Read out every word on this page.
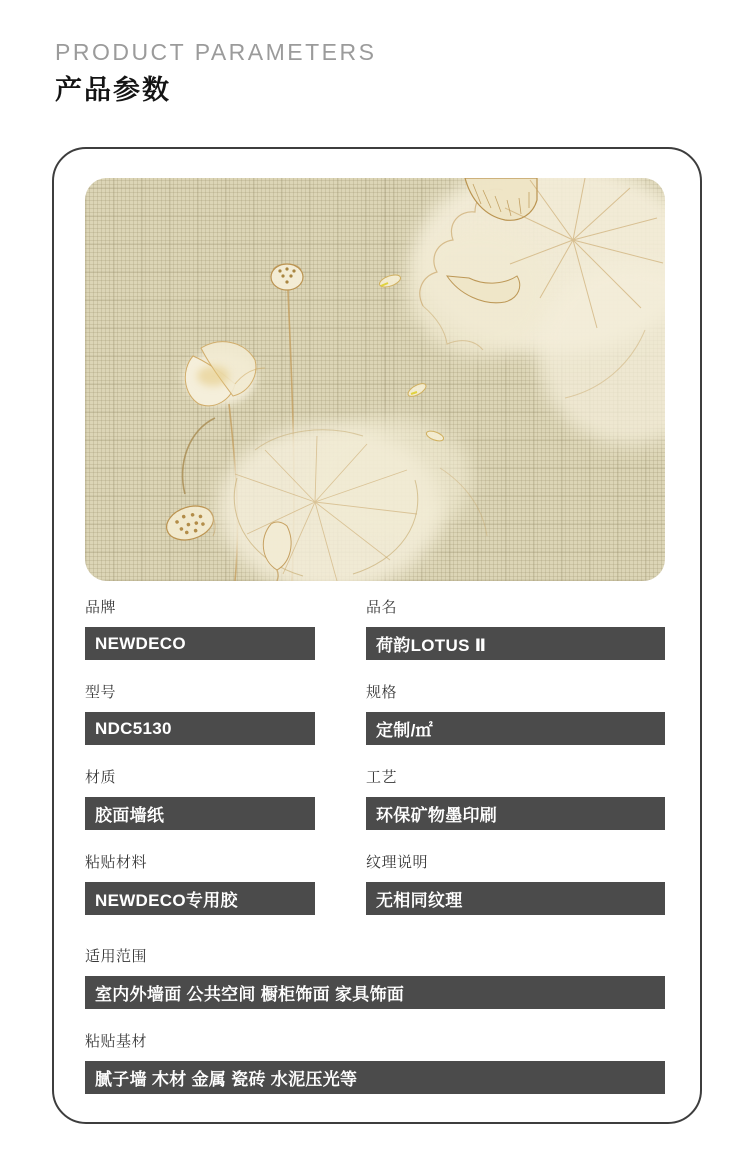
PRODUCT PARAMETERS
产品参数
品牌
NEWDECO
品名
荷韵LOTUS Ⅱ
型号
NDC5130
规格
定制/㎡
材质
胶面墙纸
工艺
环保矿物墨印刷
粘贴材料
NEWDECO专用胶
纹理说明
无相同纹理
适用范围
室内外墙面 公共空间 橱柜饰面 家具饰面
粘贴基材
腻子墙 木材 金属 瓷砖 水泥压光等
